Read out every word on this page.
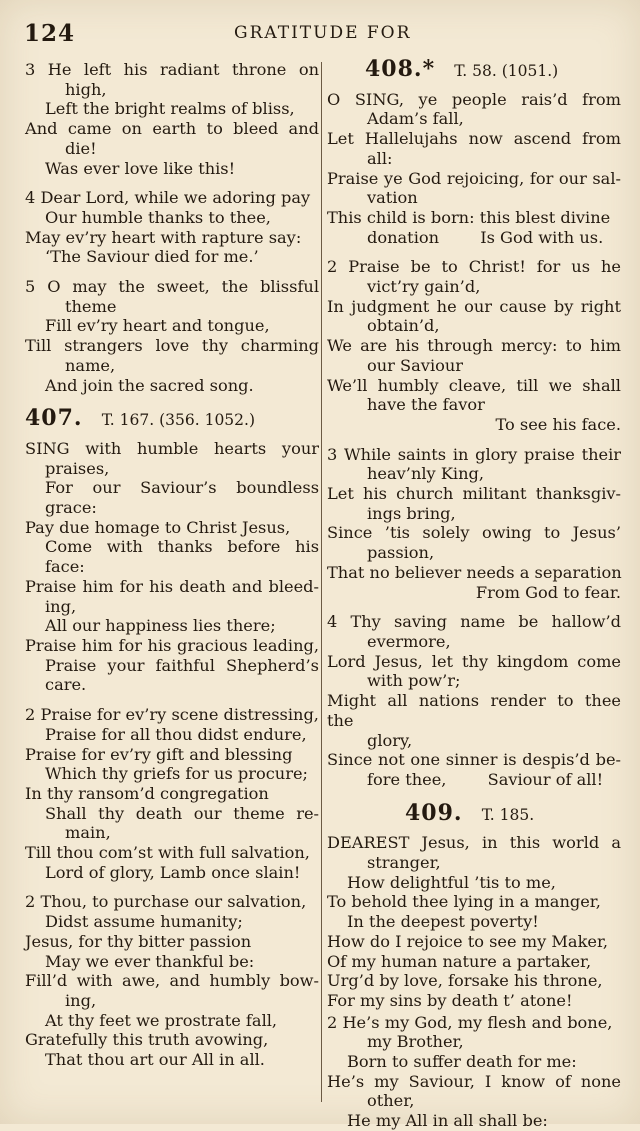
124	GRATITUDE FOR
3 He left his radiant throne on
high,
Left the bright realms of bliss,
And came on earth to bleed and
die!
Was ever love like this!
4 Dear Lord, while we adoring pay
Our humble thanks to thee,
May ev’ry heart with rapture say:
‘The Saviour died for me.’
5 O may the sweet, the blissful
theme
Fill ev’ry heart and tongue,
Till strangers love thy charming
name,
And join the sacred song.
407. T. 167. (356. 1052.)
SING with humble hearts your
praises,
For our Saviour’s boundless
grace:
Pay due homage to Christ Jesus,
Come with thanks before his
face:
Praise him for his death and bleed-
ing,
All our happiness lies there;
Praise him for his gracious leading,
Praise your faithful Shepherd’s
care.
2 Praise for ev’ry scene distressing,
Praise for all thou didst endure,
Praise for ev’ry gift and blessing
Which thy griefs for us procure;
In thy ransom’d congregation
Shall thy death our theme re-
main,
Till thou com’st with full salvation,
Lord of glory, Lamb once slain!
2 Thou, to purchase our salvation,
Didst assume humanity;
Jesus, for thy bitter passion
May we ever thankful be:
Fill’d with awe, and humbly bow-
ing,
At thy feet we prostrate fall,
Gratefully this truth avowing,
That thou art our All in all.
408.* T. 58. (1051.)
O SING, ye people rais’d from
Adam’s fall,
Let Hallelujahs now ascend from
all:
Praise ye God rejoicing, for our sal-
vation
This child is born: this blest divine
donation        Is God with us.
2 Praise be to Christ! for us he
vict’ry gain’d,
In judgment he our cause by right
obtain’d,
We are his through mercy: to him
our Saviour
We’ll humbly cleave, till we shall
have the favor
To see his face.
3 While saints in glory praise their
heav’nly King,
Let his church militant thanksgiv-
ings bring,
Since ’tis solely owing to Jesus’
passion,
That no believer needs a separation
From God to fear.
4 Thy saving name be hallow’d
evermore,
Lord Jesus, let thy kingdom come
with pow’r;
Might all nations render to thee the
glory,
Since not one sinner is despis’d be-
fore thee,        Saviour of all!
409. T. 185.
DEAREST Jesus, in this world a
stranger,
How delightful ’tis to me,
To behold thee lying in a manger,
In the deepest poverty!
How do I rejoice to see my Maker,
Of my human nature a partaker,
Urg’d by love, forsake his throne,
For my sins by death t’ atone!
2 He’s my God, my flesh and bone,
my Brother,
Born to suffer death for me:
He’s my Saviour, I know of none
other,
He my All in all shall be:
